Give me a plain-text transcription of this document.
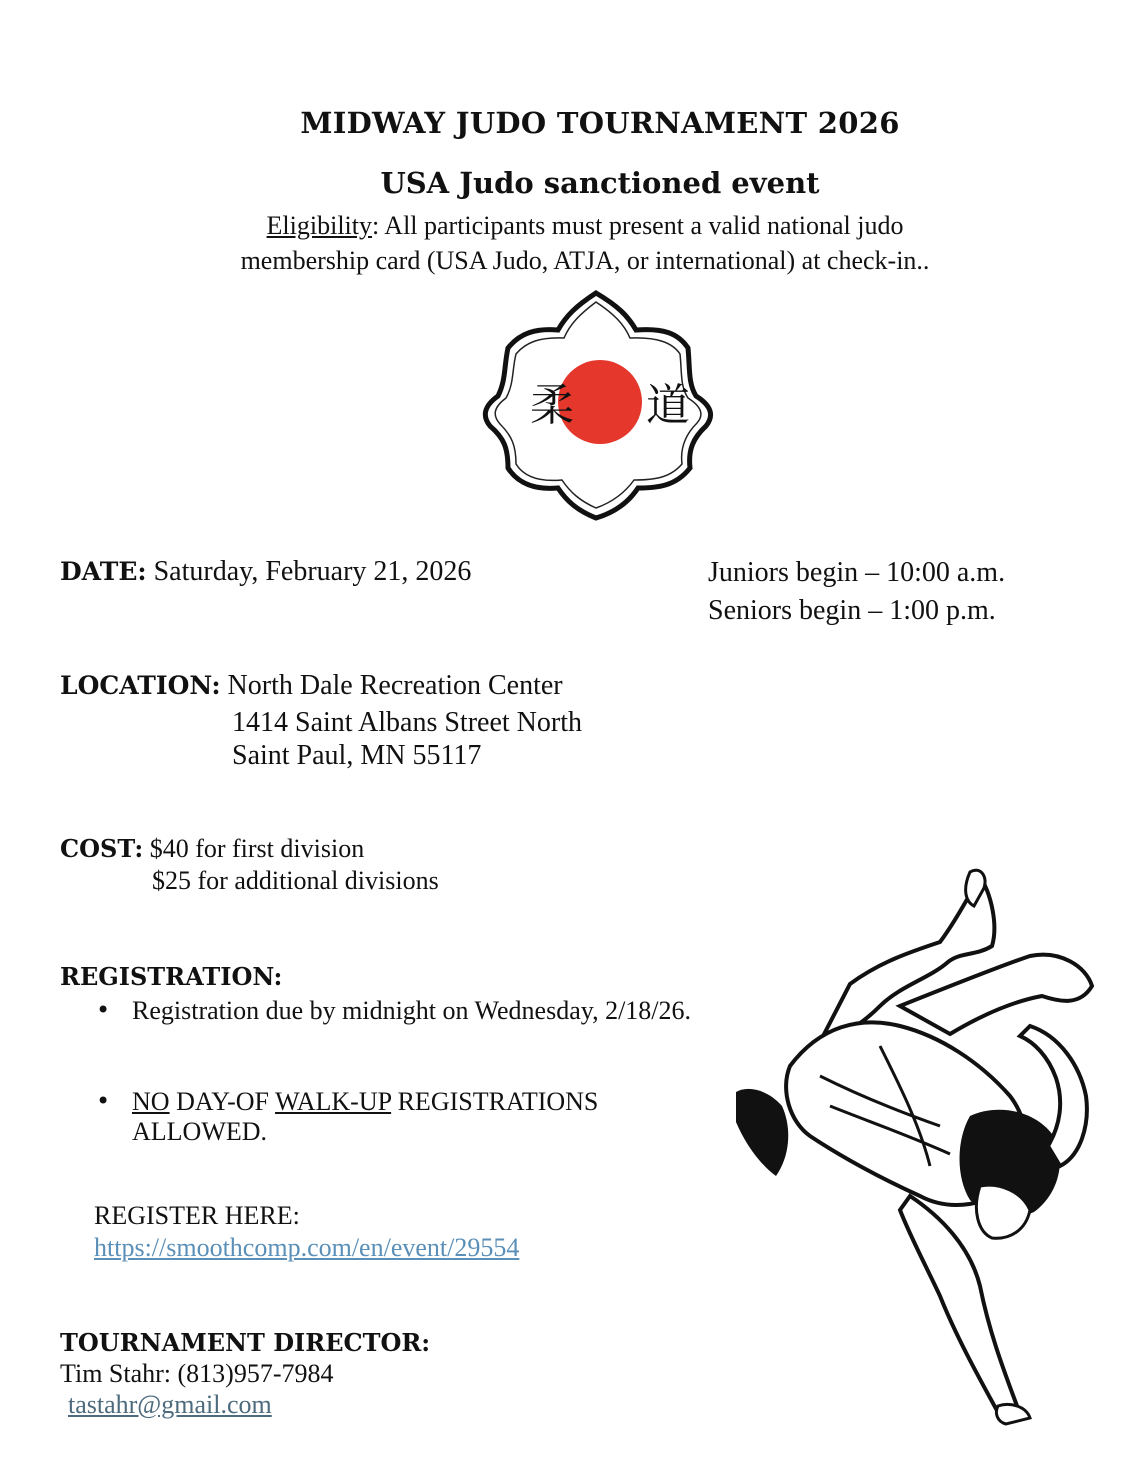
MIDWAY JUDO TOURNAMENT 2026
USA Judo sanctioned event
Eligibility: All participants must present a valid national judo
membership card (USA Judo, ATJA, or international) at check-in..
柔 道
DATE: Saturday, February 21, 2026	Juniors begin – 10:00 a.m.
Seniors begin – 1:00 p.m.
LOCATION: North Dale Recreation Center
1414 Saint Albans Street North
Saint Paul, MN 55117
COST: $40 for first division
$25 for additional divisions
REGISTRATION:
• Registration due by midnight on Wednesday, 2/18/26.
• NO DAY-OF WALK-UP REGISTRATIONS ALLOWED.
REGISTER HERE:
https://smoothcomp.com/en/event/29554
TOURNAMENT DIRECTOR:
Tim Stahr: (813)957-7984
tastahr@gmail.com
